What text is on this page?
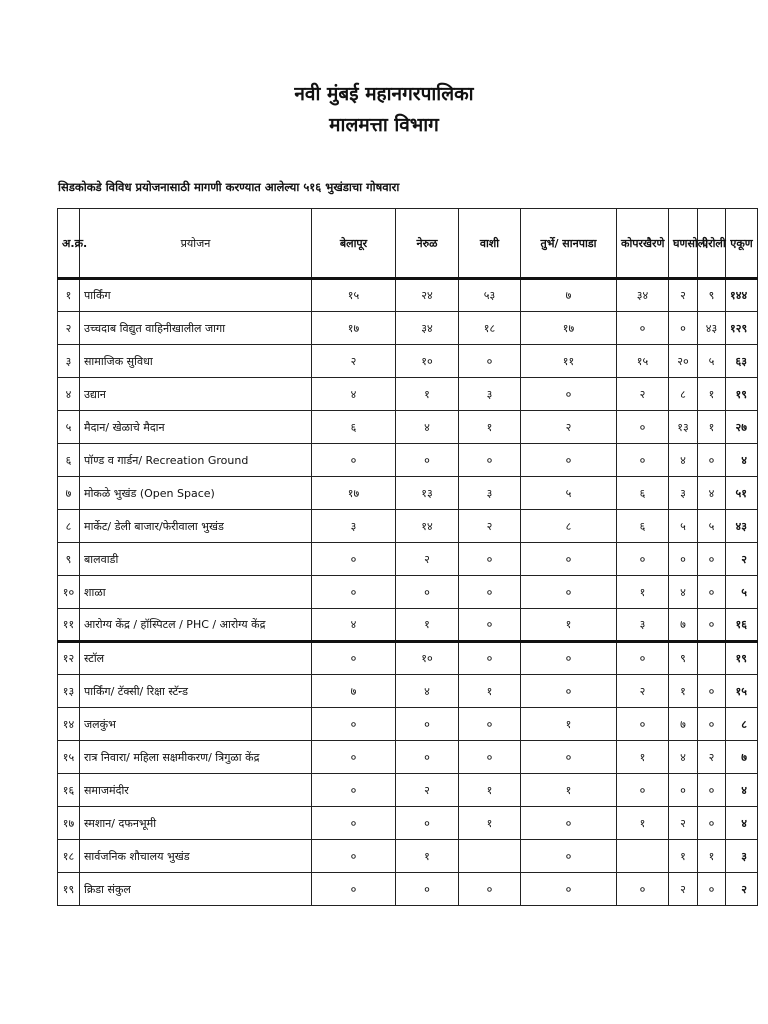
नवी मुंबई महानगरपालिका
मालमत्ता विभाग
सिडकोकडे विविध प्रयोजनासाठी मागणी करण्यात आलेल्या ५१६ भुखंडाचा गोषवारा
अ.क्र.	प्रयोजन	बेलापूर	नेरुळ	वाशी	तुर्भे/ सानपाडा	कोपरखैरणे	घणसोली	ऐरोली	एकूण
१	पार्किंग	१५	२४	५३	७	३४	२	९	१४४
२	उच्चदाब विद्युत वाहिनीखालील जागा	१७	३४	१८	१७	०	०	४३	१२९
३	सामाजिक सुविधा	२	१०	०	११	१५	२०	५	६३
४	उद्यान	४	१	३	०	२	८	१	१९
५	मैदान/ खेळाचे मैदान	६	४	१	२	०	१३	१	२७
६	पॉण्ड व गार्डन/ Recreation Ground	०	०	०	०	०	४	०	४
७	मोकळे भुखंड (Open Space)	१७	१३	३	५	६	३	४	५१
८	मार्केट/ डेली बाजार/फेरीवाला भुखंड	३	१४	२	८	६	५	५	४३
९	बालवाडी	०	२	०	०	०	०	०	२
१०	शाळा	०	०	०	०	१	४	०	५
११	आरोग्य केंद्र / हॉस्पिटल / PHC / आरोग्य केंद्र	४	१	०	१	३	७	०	१६
१२	स्टॉल	०	१०	०	०	०	९		१९
१३	पार्किंग/ टॅक्सी/ रिक्षा स्टॅन्ड	७	४	१	०	२	१	०	१५
१४	जलकुंभ	०	०	०	१	०	७	०	८
१५	रात्र निवारा/ महिला सक्षमीकरण/ त्रिगुळा केंद्र	०	०	०	०	१	४	२	७
१६	समाजमंदीर	०	२	१	१	०	०	०	४
१७	स्मशान/ दफनभूमी	०	०	१	०	१	२	०	४
१८	सार्वजनिक शौचालय भुखंड	०	१		०		१	१	३
१९	क्रिडा संकुल	०	०	०	०	०	२	०	२
